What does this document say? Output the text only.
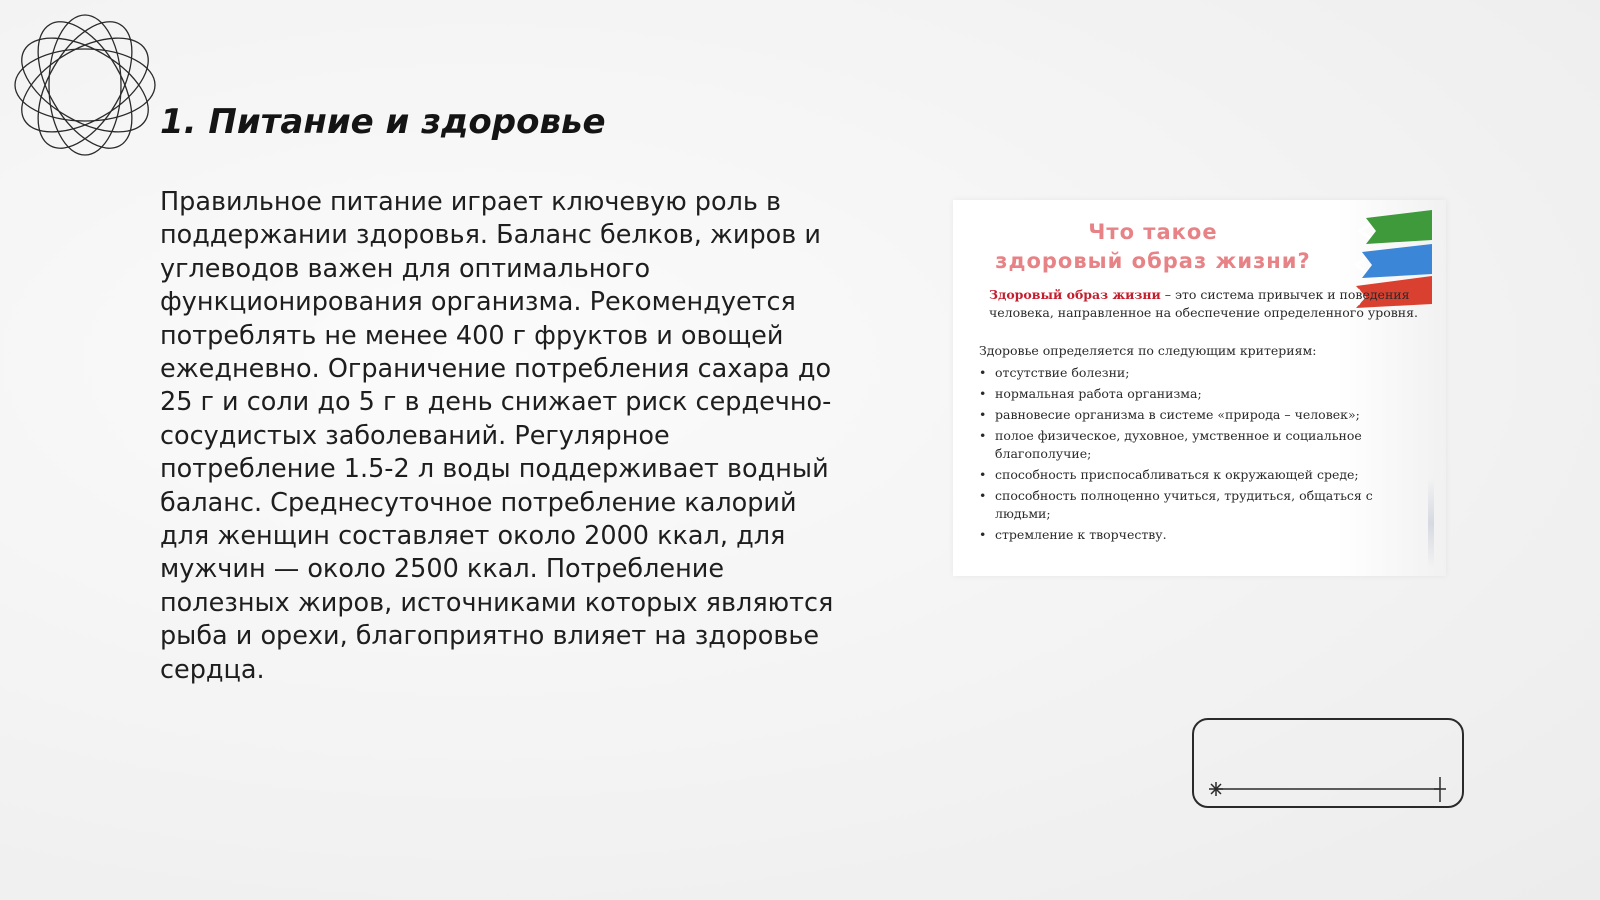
1. Питание и здоровье

Правильное питание играет ключевую роль в поддержании здоровья. Баланс белков, жиров и углеводов важен для оптимального функционирования организма. Рекомендуется потреблять не менее 400 г фруктов и овощей ежедневно. Ограничение потребления сахара до 25 г и соли до 5 г в день снижает риск сердечно-сосудистых заболеваний. Регулярное потребление 1.5-2 л воды поддерживает водный баланс. Среднесуточное потребление калорий для женщин составляет около 2000 ккал, для мужчин — около 2500 ккал. Потребление полезных жиров, источниками которых являются рыба и орехи, благоприятно влияет на здоровье сердца.

Что такое
здоровый образ жизни?

Здоровый образ жизни – это система привычек и поведения человека, направленное на обеспечение определенного уровня.

Здоровье определяется по следующим критериям:

• отсутствие болезни;
• нормальная работа организма;
• равновесие организма в системе «природа – человек»;
• полое физическое, духовное, умственное и социальное благополучие;
• способность приспосабливаться к окружающей среде;
• способность полноценно учиться, трудиться, общаться с людьми;
• стремление к творчеству.
